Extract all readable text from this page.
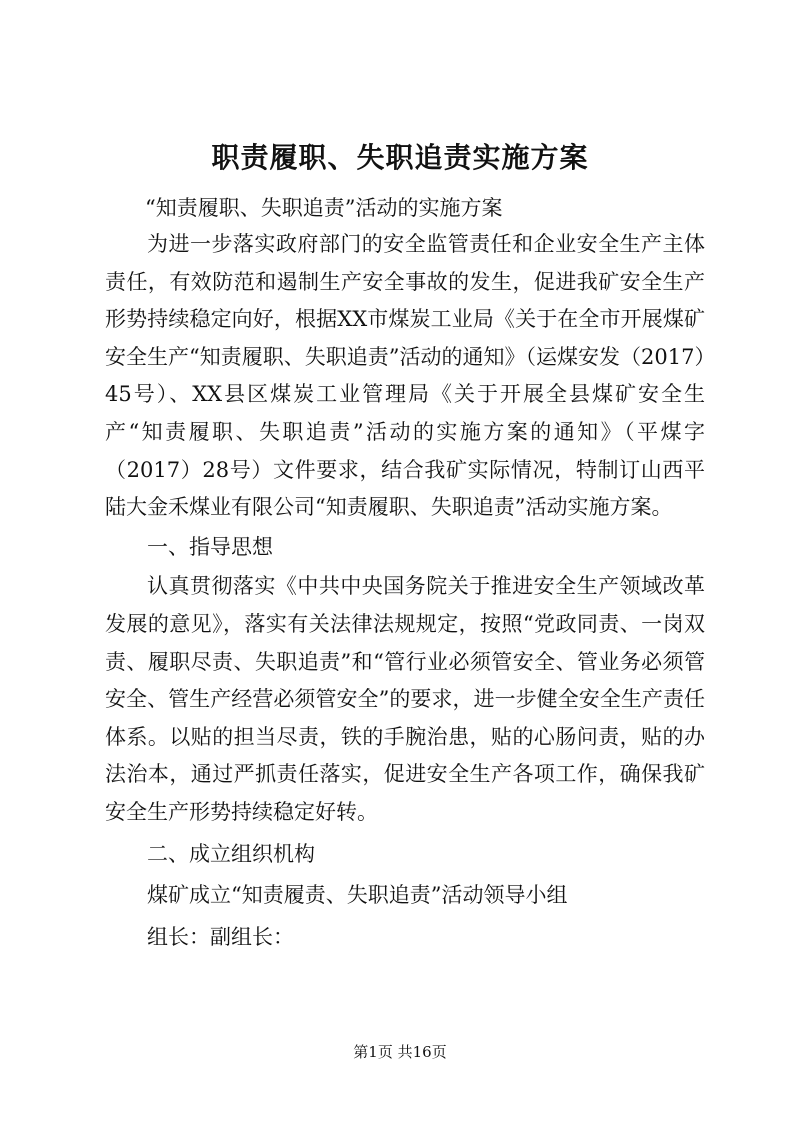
职责履职、失职追责实施方案
“知责履职、失职追责”活动的实施方案

为进一步落实政府部门的安全监管责任和企业安全生产主体责任，有效防范和遏制生产安全事故的发生，促进我矿安全生产形势持续稳定向好，根据XX市煤炭工业局《关于在全市开展煤矿安全生产“知责履职、失职追责”活动的通知》（运煤安发（2017）45号）、XX县区煤炭工业管理局《关于开展全县煤矿安全生产“知责履职、失职追责”活动的实施方案的通知》（平煤字（2017）28号）文件要求，结合我矿实际情况，特制订山西平陆大金禾煤业有限公司“知责履职、失职追责”活动实施方案。

一、指导思想

认真贯彻落实《中共中央国务院关于推进安全生产领域改革发展的意见》，落实有关法律法规规定，按照“党政同责、一岗双责、履职尽责、失职追责”和“管行业必须管安全、管业务必须管安全、管生产经营必须管安全”的要求，进一步健全安全生产责任体系。以贴的担当尽责，铁的手腕治患，贴的心肠问责，贴的办法治本，通过严抓责任落实，促进安全生产各项工作，确保我矿安全生产形势持续稳定好转。

二、成立组织机构

煤矿成立“知责履责、失职追责”活动领导小组

组长：副组长：

第1页 共16页
